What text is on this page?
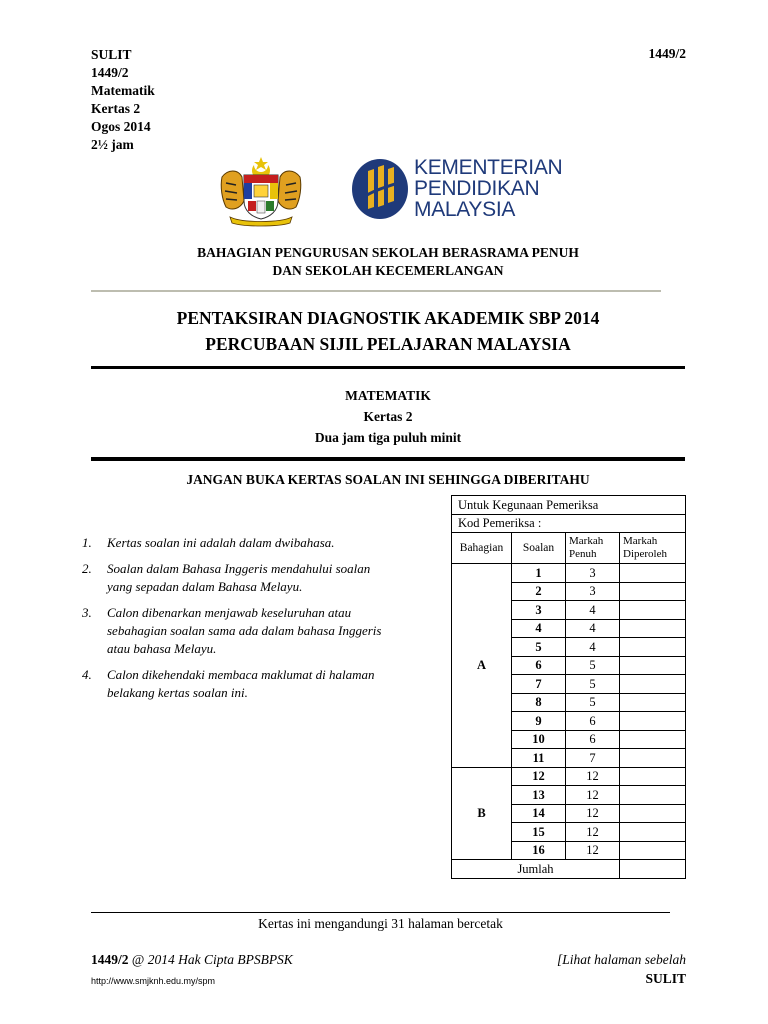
SULIT
1449/2
Matematik
Kertas 2
Ogos 2014
2½ jam
1449/2
KEMENTERIAN
PENDIDIKAN
MALAYSIA
BAHAGIAN PENGURUSAN SEKOLAH BERASRAMA PENUH
DAN SEKOLAH KECEMERLANGAN
PENTAKSIRAN DIAGNOSTIK AKADEMIK SBP 2014
PERCUBAAN SIJIL PELAJARAN MALAYSIA
MATEMATIK
Kertas 2
Dua jam tiga puluh minit
JANGAN BUKA KERTAS SOALAN INI SEHINGGA DIBERITAHU
1.	Kertas soalan ini adalah dalam dwibahasa.
2.	Soalan dalam Bahasa Inggeris mendahului soalan yang sepadan dalam Bahasa Melayu.
3.	Calon dibenarkan menjawab keseluruhan atau sebahagian soalan sama ada dalam bahasa Inggeris atau bahasa Melayu.
4.	Calon dikehendaki membaca maklumat di halaman belakang kertas soalan ini.
Untuk Kegunaan Pemeriksa			
Kod Pemeriksa :			
Bahagian	Soalan	Markah Penuh	Markah Diperoleh
A	1	3	
	2	3	
	3	4	
	4	4	
	5	4	
	6	5	
	7	5	
	8	5	
	9	6	
	10	6	
	11	7	
B	12	12	
	13	12	
	14	12	
	15	12	
	16	12	
Jumlah			
Kertas ini mengandungi 31 halaman bercetak
1449/2 @ 2014 Hak Cipta BPSBPSK	[Lihat halaman sebelah
SULIT
http://www.smjknh.edu.my/spm
